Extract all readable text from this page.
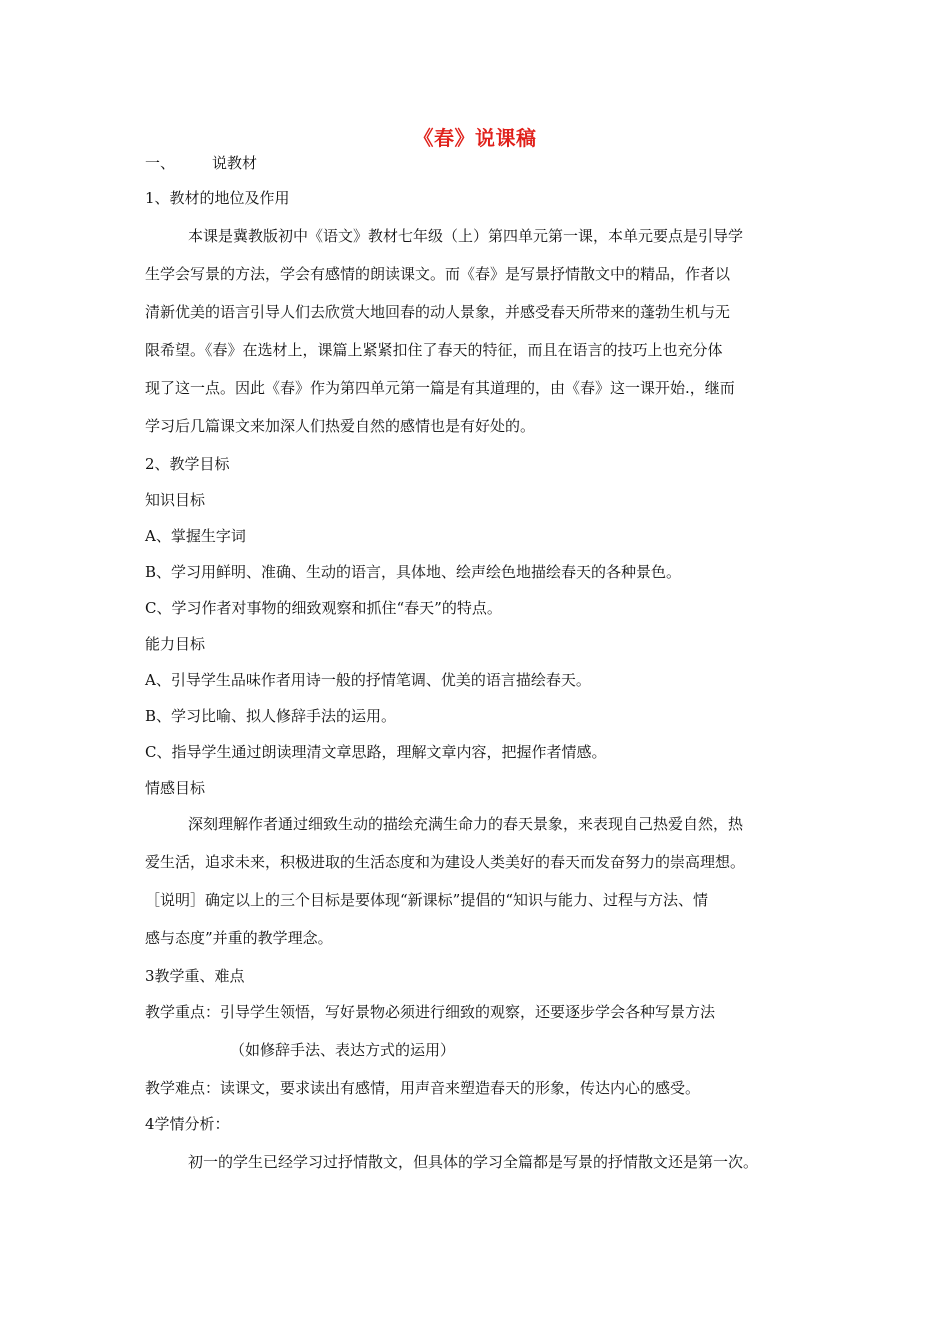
《春》说课稿
一、 说教材
1、教材的地位及作用
本课是冀教版初中《语文》教材七年级（上）第四单元第一课，本单元要点是引导学
生学会写景的方法，学会有感情的朗读课文。而《春》是写景抒情散文中的精品，作者以
清新优美的语言引导人们去欣赏大地回春的动人景象，并感受春天所带来的蓬勃生机与无
限希望。《春》在选材上，课篇上紧紧扣住了春天的特征，而且在语言的技巧上也充分体
现了这一点。因此《春》作为第四单元第一篇是有其道理的，由《春》这一课开始.，继而
学习后几篇课文来加深人们热爱自然的感情也是有好处的。
2、教学目标
知识目标
A、掌握生字词
B、学习用鲜明、准确、生动的语言，具体地、绘声绘色地描绘春天的各种景色。
C、学习作者对事物的细致观察和抓住“春天”的特点。
能力目标
A、引导学生品味作者用诗一般的抒情笔调、优美的语言描绘春天。
B、学习比喻、拟人修辞手法的运用。
C、指导学生通过朗读理清文章思路，理解文章内容，把握作者情感。
情感目标
深刻理解作者通过细致生动的描绘充满生命力的春天景象，来表现自己热爱自然，热
爱生活，追求未来，积极进取的生活态度和为建设人类美好的春天而发奋努力的崇高理想。
［说明］确定以上的三个目标是要体现“新课标”提倡的“知识与能力、过程与方法、情
感与态度”并重的教学理念。
3教学重、难点
教学重点：引导学生领悟，写好景物必须进行细致的观察，还要逐步学会各种写景方法
（如修辞手法、表达方式的运用）
教学难点：读课文，要求读出有感情，用声音来塑造春天的形象，传达内心的感受。
4学情分析：
初一的学生已经学习过抒情散文，但具体的学习全篇都是写景的抒情散文还是第一次。
